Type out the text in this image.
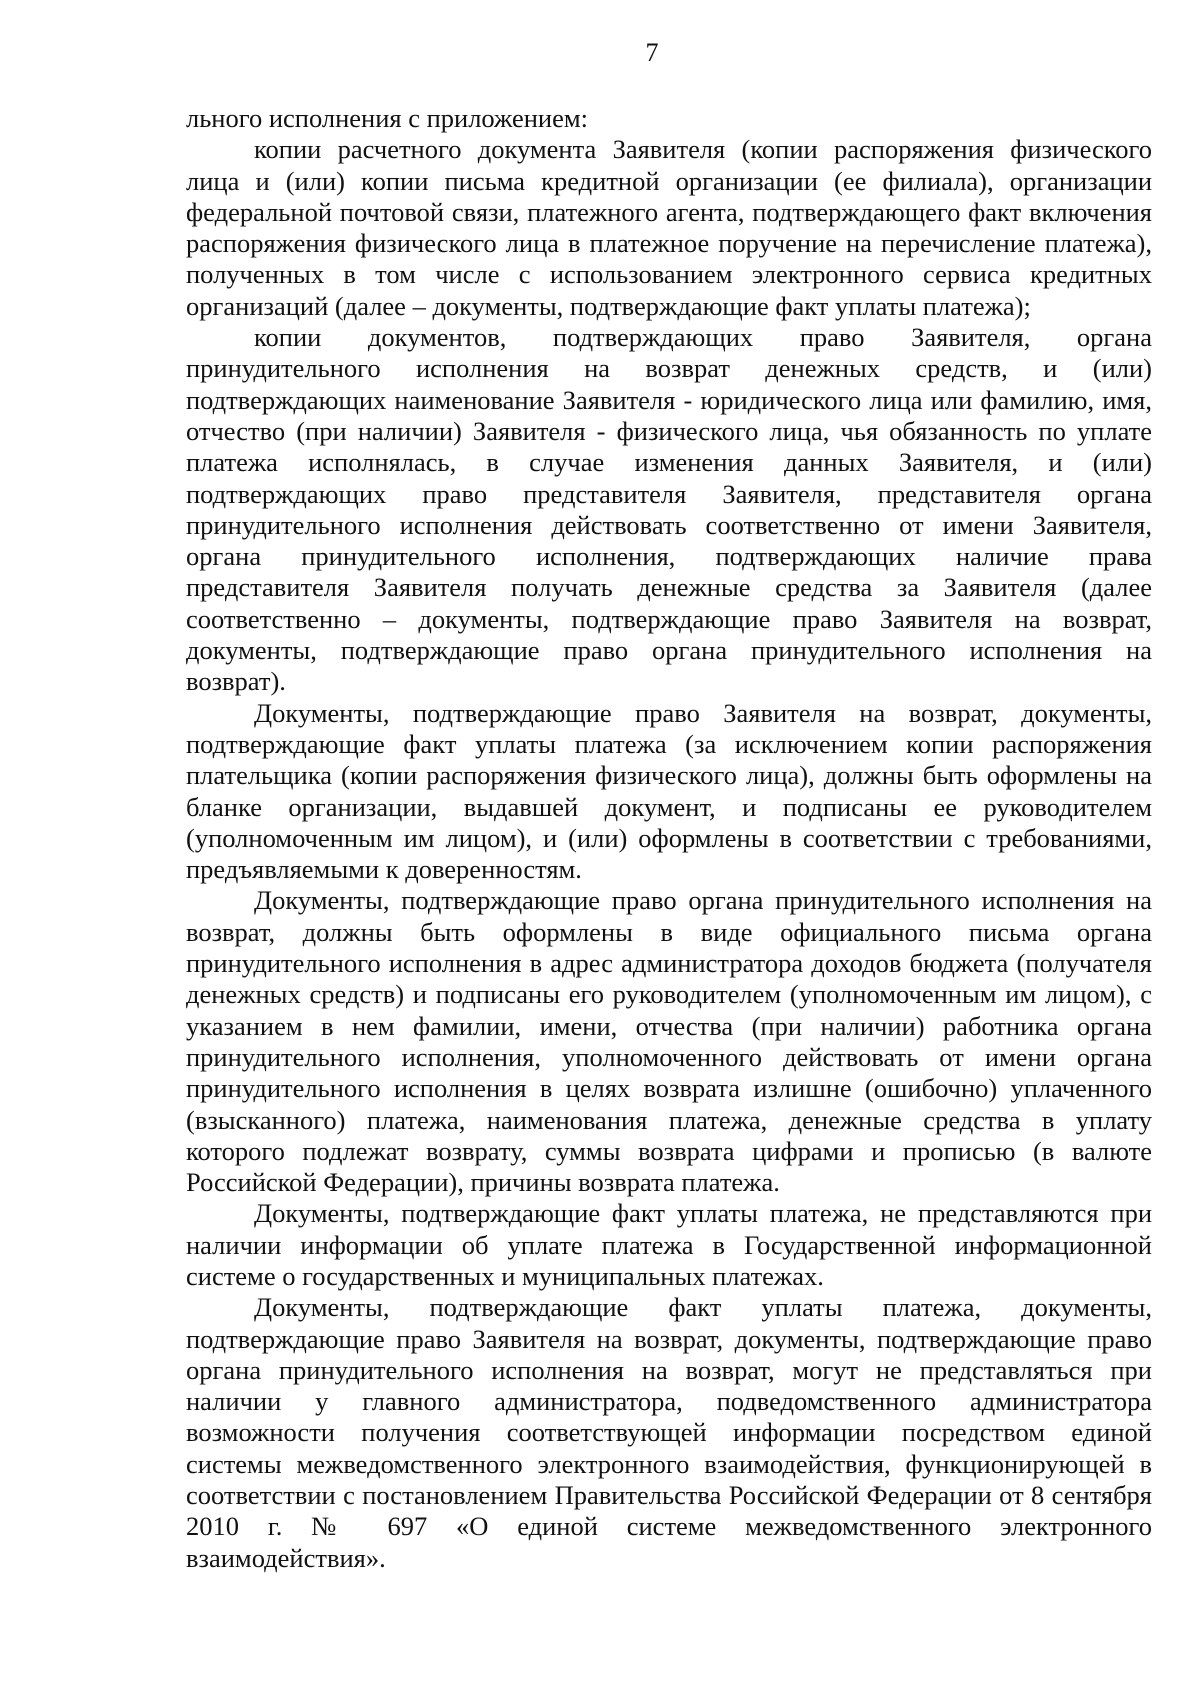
7

льного исполнения с приложением:

копии расчетного документа Заявителя (копии распоряжения физического лица и (или) копии письма кредитной организации (ее филиала), организации федеральной почтовой связи, платежного агента, подтверждающего факт включения распоряжения физического лица в платежное поручение на перечисление платежа), полученных в том числе с использованием электронного сервиса кредитных организаций (далее – документы, подтверждающие факт уплаты платежа);

копии документов, подтверждающих право Заявителя, органа принудительного исполнения на возврат денежных средств, и (или) подтверждающих наименование Заявителя - юридического лица или фамилию, имя, отчество (при наличии) Заявителя - физического лица, чья обязанность по уплате платежа исполнялась, в случае изменения данных Заявителя, и (или) подтверждающих право представителя Заявителя, представителя органа принудительного исполнения действовать соответственно от имени Заявителя, органа принудительного исполнения, подтверждающих наличие права представителя Заявителя получать денежные средства за Заявителя (далее соответственно – документы, подтверждающие право Заявителя на возврат, документы, подтверждающие право органа принудительного исполнения на возврат).

Документы, подтверждающие право Заявителя на возврат, документы, подтверждающие факт уплаты платежа (за исключением копии распоряжения плательщика (копии распоряжения физического лица), должны быть оформлены на бланке организации, выдавшей документ, и подписаны ее руководителем (уполномоченным им лицом), и (или) оформлены в соответствии с требованиями, предъявляемыми к доверенностям.

Документы, подтверждающие право органа принудительного исполнения на возврат, должны быть оформлены в виде официального письма органа принудительного исполнения в адрес администратора доходов бюджета (получателя денежных средств) и подписаны его руководителем (уполномоченным им лицом), с указанием в нем фамилии, имени, отчества (при наличии) работника органа принудительного исполнения, уполномоченного действовать от имени органа принудительного исполнения в целях возврата излишне (ошибочно) уплаченного (взысканного) платежа, наименования платежа, денежные средства в уплату которого подлежат возврату, суммы возврата цифрами и прописью (в валюте Российской Федерации), причины возврата платежа.

Документы, подтверждающие факт уплаты платежа, не представляются при наличии информации об уплате платежа в Государственной информационной системе о государственных и муниципальных платежах.

Документы, подтверждающие факт уплаты платежа, документы, подтверждающие право Заявителя на возврат, документы, подтверждающие право органа принудительного исполнения на возврат, могут не представляться при наличии у главного администратора, подведомственного администратора возможности получения соответствующей информации посредством единой системы межведомственного электронного взаимодействия, функционирующей в соответствии с постановлением Правительства Российской Федерации от 8 сентября 2010 г. № 697 «О единой системе межведомственного электронного взаимодействия».
